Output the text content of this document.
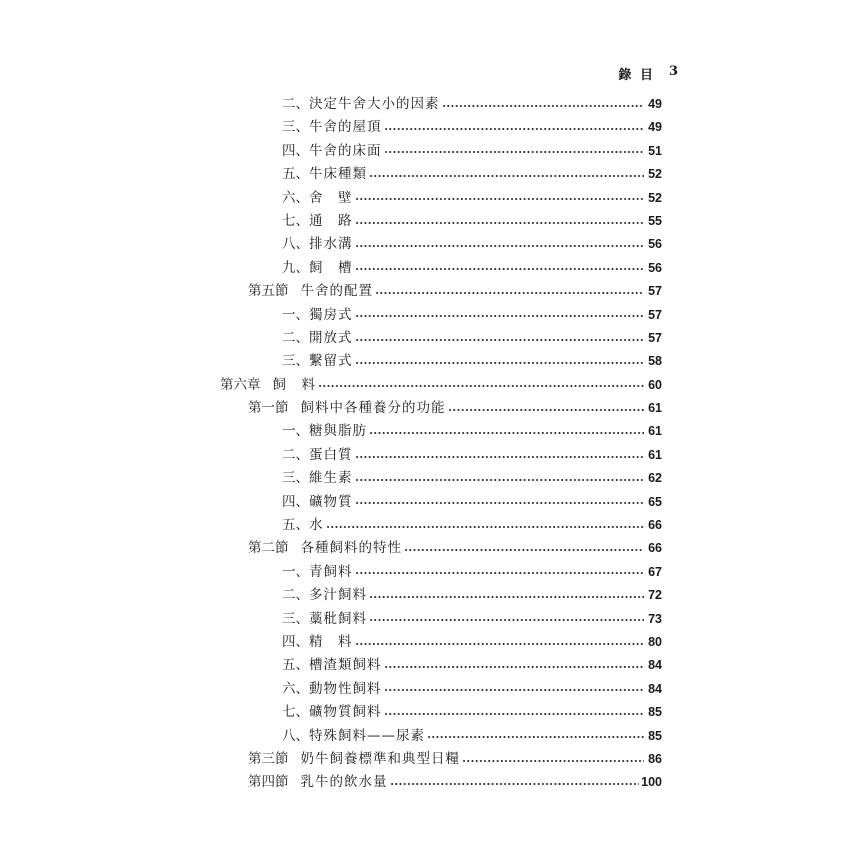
錄 目 3
二、 決定牛舍大小的因素	49
三、 牛舍的屋頂	49
四、 牛舍的床面	51
五、 牛床種類	52
六、 舍　壁	52
七、 通　路	55
八、 排水溝	56
九、 飼　槽	56
第五節 牛舍的配置	57
一、 獨房式	57
二、 開放式	57
三、 繫留式	58
第六章 飼　料	60
第一節 飼料中各種養分的功能	61
一、 糖與脂肪	61
二、 蛋白質	61
三、 維生素	62
四、 礦物質	65
五、 水	66
第二節 各種飼料的特性	66
一、 青飼料	67
二、 多汁飼料	72
三、 藁秕飼料	73
四、 精　料	80
五、 槽渣類飼料	84
六、 動物性飼料	84
七、 礦物質飼料	85
八、 特殊飼料——尿素	85
第三節 奶牛飼養標準和典型日糧	86
第四節 乳牛的飲水量	100
